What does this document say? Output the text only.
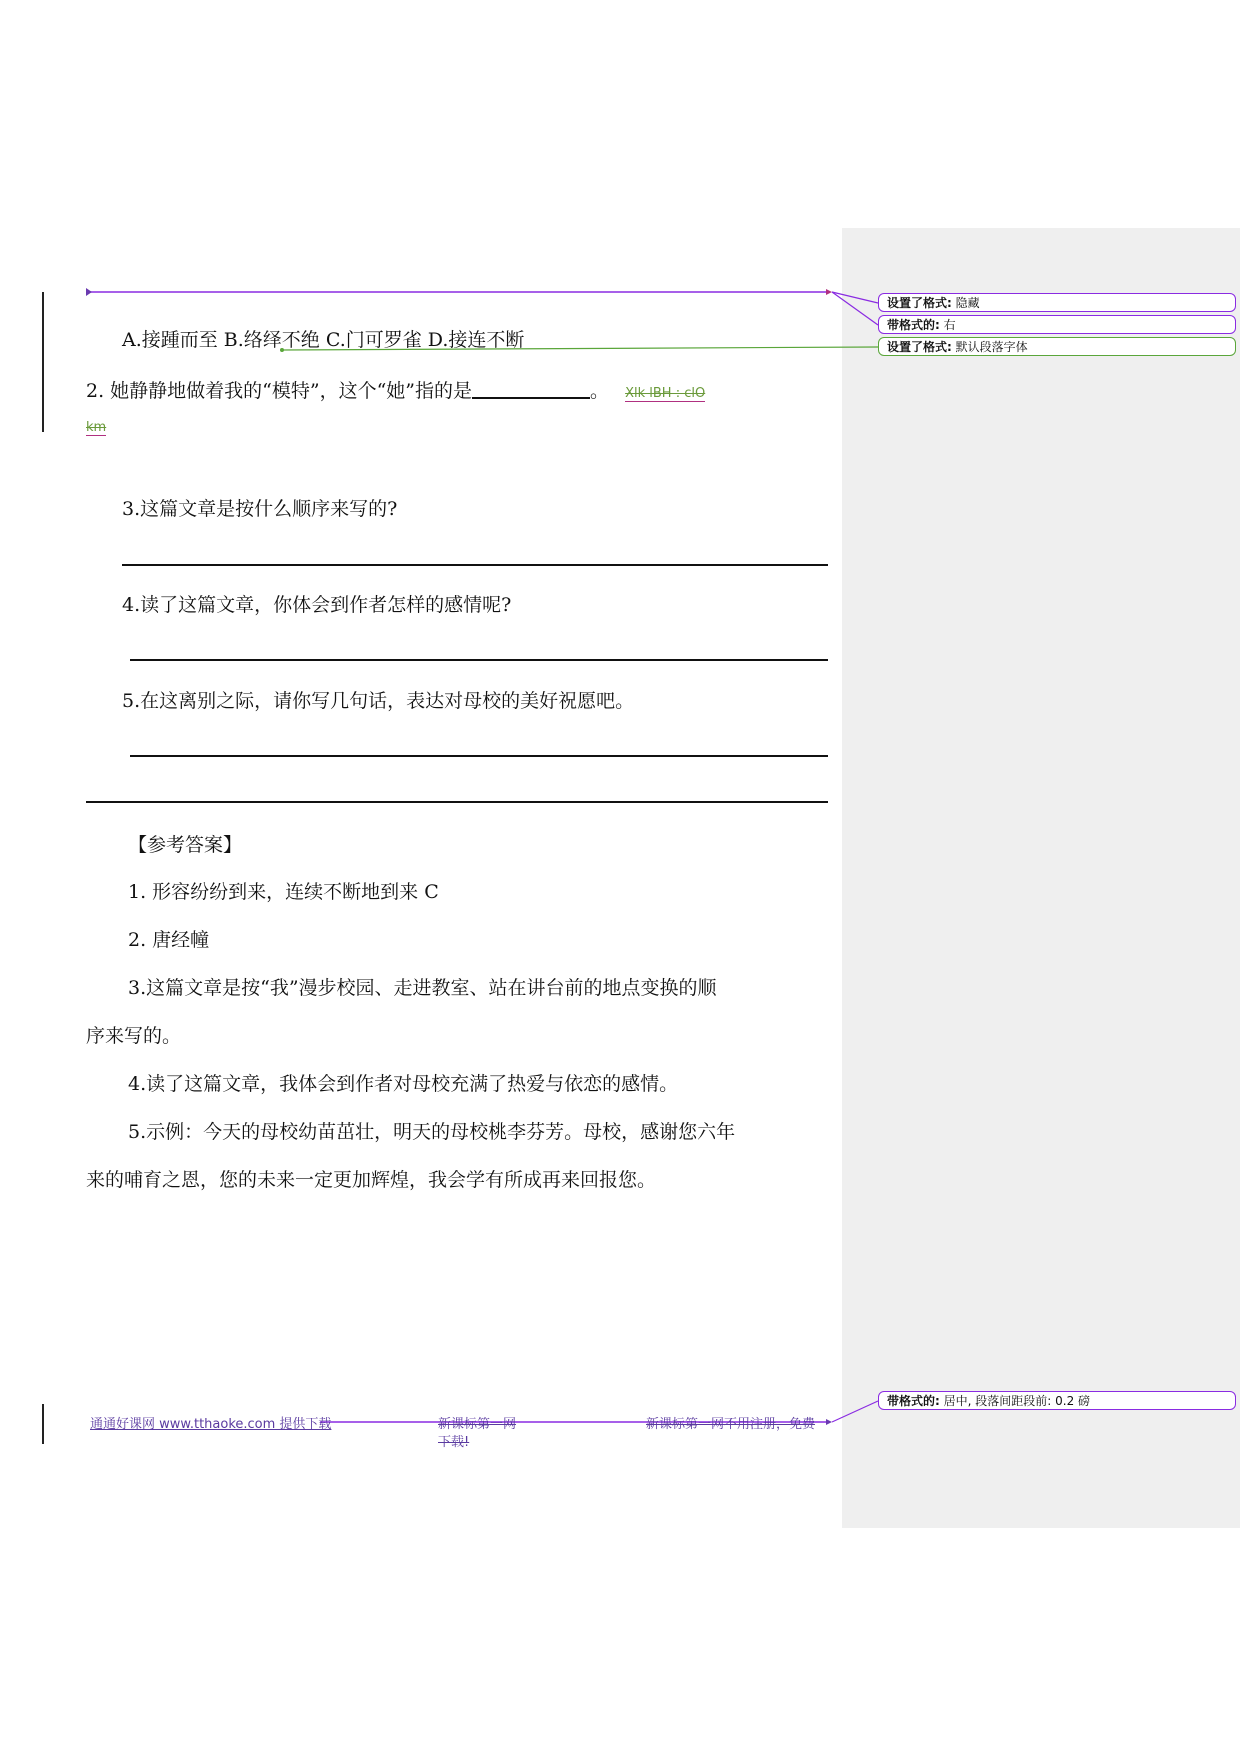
设置了格式: 隐藏
带格式的: 右
设置了格式: 默认段落字体
带格式的: 居中, 段落间距段前: 0.2 磅
A.接踵而至 B.络绎不绝 C.门可罗雀 D.接连不断
2. 她静静地做着我的“模特”，这个“她”指的是	。 Xlk lBH : clO
km
3.这篇文章是按什么顺序来写的?
4.读了这篇文章，你体会到作者怎样的感情呢?
5.在这离别之际，请你写几句话，表达对母校的美好祝愿吧。
【参考答案】
1. 形容纷纷到来，连续不断地到来 C
2. 唐经幢
3.这篇文章是按“我”漫步校园、走进教室、站在讲台前的地点变换的顺
序来写的。
4.读了这篇文章，我体会到作者对母校充满了热爱与依恋的感情。
5.示例：今天的母校幼苗茁壮，明天的母校桃李芬芳。母校，感谢您六年
来的哺育之恩，您的未来一定更加辉煌，我会学有所成再来回报您。
通通好课网 www.tthaoke.com 提供下载	新课标第一网
下载!
新课标第一网不用注册，免费
